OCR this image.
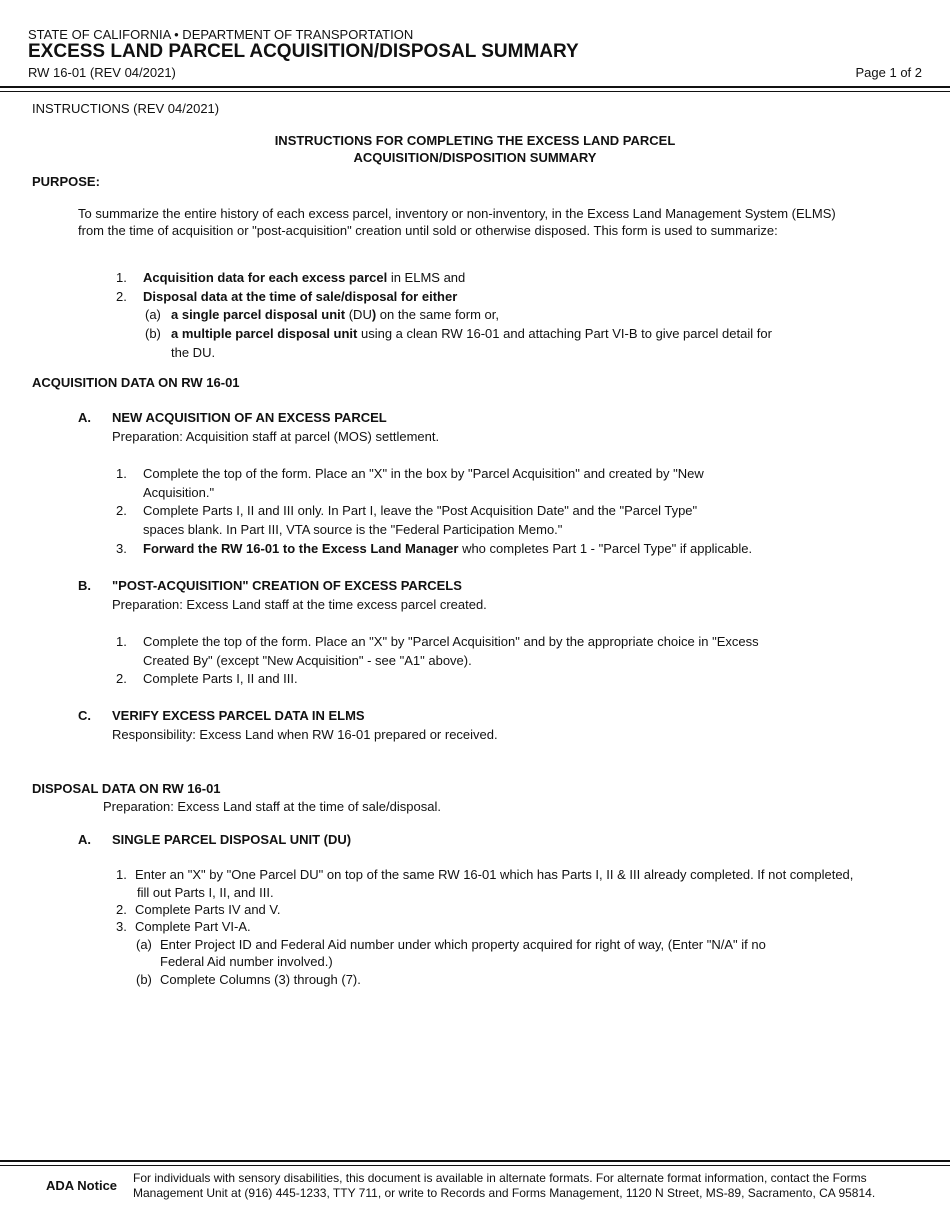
STATE OF CALIFORNIA • DEPARTMENT OF TRANSPORTATION
EXCESS LAND PARCEL ACQUISITION/DISPOSAL SUMMARY
RW 16-01 (REV 04/2021)	Page 1 of 2
INSTRUCTIONS (REV 04/2021)
INSTRUCTIONS FOR COMPLETING THE EXCESS LAND PARCEL
ACQUISITION/DISPOSITION SUMMARY
PURPOSE:
To summarize the entire history of each excess parcel, inventory or non-inventory, in the Excess Land Management System (ELMS)
from the time of acquisition or "post-acquisition" creation until sold or otherwise disposed. This form is used to summarize:
1. Acquisition data for each excess parcel in ELMS and
2. Disposal data at the time of sale/disposal for either
(a) a single parcel disposal unit (DU) on the same form or,
(b) a multiple parcel disposal unit using a clean RW 16-01 and attaching Part VI-B to give parcel detail for
the DU.
ACQUISITION DATA ON RW 16-01
A. NEW ACQUISITION OF AN EXCESS PARCEL
Preparation: Acquisition staff at parcel (MOS) settlement.
1. Complete the top of the form. Place an "X" in the box by "Parcel Acquisition" and created by "New
Acquisition."
2. Complete Parts I, II and III only. In Part I, leave the "Post Acquisition Date" and the "Parcel Type"
spaces blank. In Part III, VTA source is the "Federal Participation Memo."
3. Forward the RW 16-01 to the Excess Land Manager who completes Part 1 - "Parcel Type" if applicable.
B. "POST-ACQUISITION" CREATION OF EXCESS PARCELS
Preparation: Excess Land staff at the time excess parcel created.
1. Complete the top of the form. Place an "X" by "Parcel Acquisition" and by the appropriate choice in "Excess
Created By" (except "New Acquisition" - see "A1" above).
2. Complete Parts I, II and III.
C. VERIFY EXCESS PARCEL DATA IN ELMS
Responsibility: Excess Land when RW 16-01 prepared or received.
DISPOSAL DATA ON RW 16-01
Preparation: Excess Land staff at the time of sale/disposal.
A. SINGLE PARCEL DISPOSAL UNIT (DU)
1. Enter an "X" by "One Parcel DU" on top of the same RW 16-01 which has Parts I, II & III already completed. If not completed,
fill out Parts I, II, and III.
2. Complete Parts IV and V.
3. Complete Part VI-A.
(a) Enter Project ID and Federal Aid number under which property acquired for right of way, (Enter "N/A" if no
Federal Aid number involved.)
(b) Complete Columns (3) through (7).
ADA Notice For individuals with sensory disabilities, this document is available in alternate formats. For alternate format information, contact the Forms
Management Unit at (916) 445-1233, TTY 711, or write to Records and Forms Management, 1120 N Street, MS-89, Sacramento, CA 95814.
